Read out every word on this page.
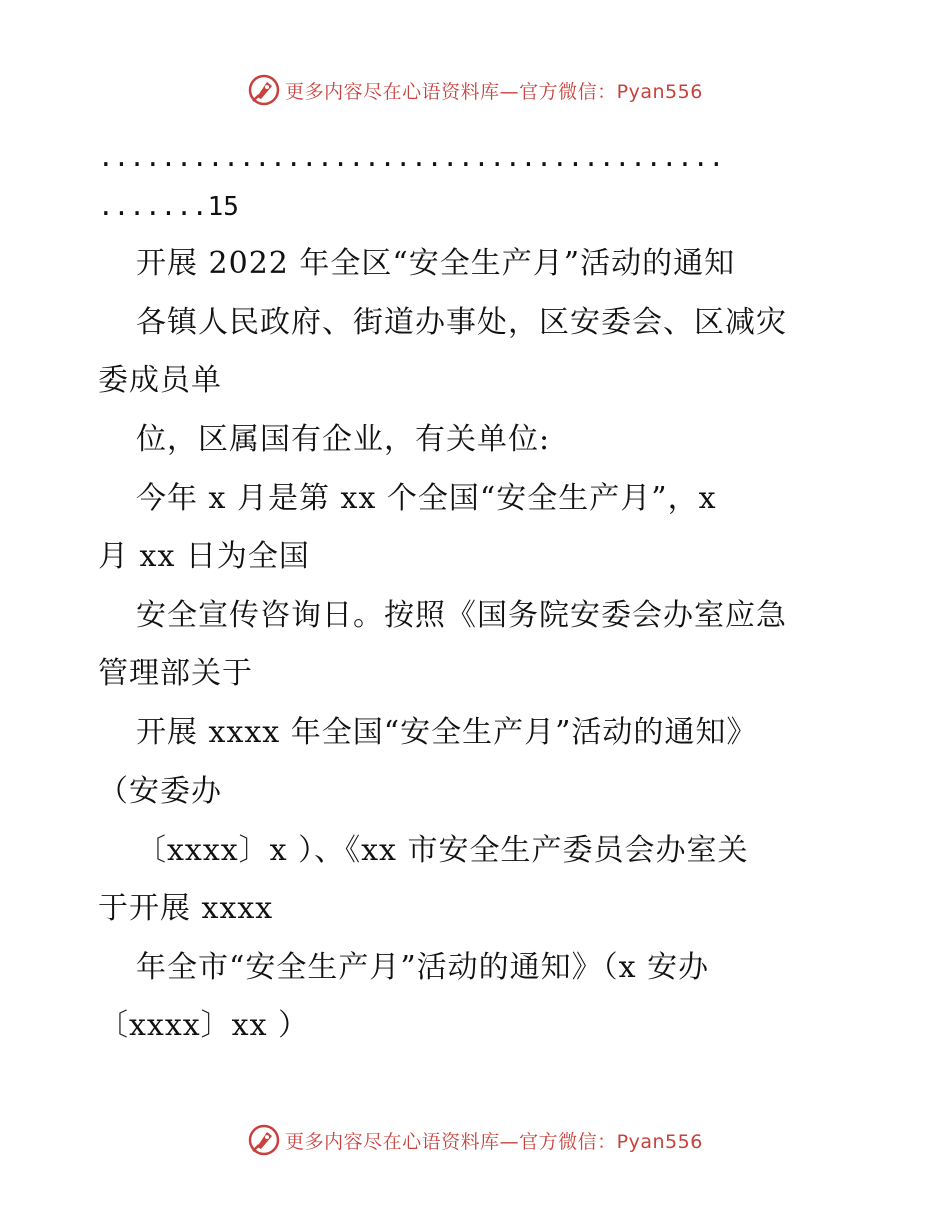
更多内容尽在心语资料库—官方微信：Pyan556
........................................
.......15
开展 2022 年全区“安全生产月”活动的通知
各镇人民政府、街道办事处，区安委会、区减灾
委成员单
位，区属国有企业，有关单位:
今年 x 月是第 xx 个全国“安全生产月”，x
月 xx 日为全国
安全宣传咨询日。按照《国务院安委会办室应急
管理部关于
开展 xxxx 年全国“安全生产月”活动的通知》
（安委办
〔xxxx〕x ）、《xx 市安全生产委员会办室关
于开展 xxxx
年全市“安全生产月”活动的通知》（x 安办
〔xxxx〕xx ）
更多内容尽在心语资料库—官方微信：Pyan556
